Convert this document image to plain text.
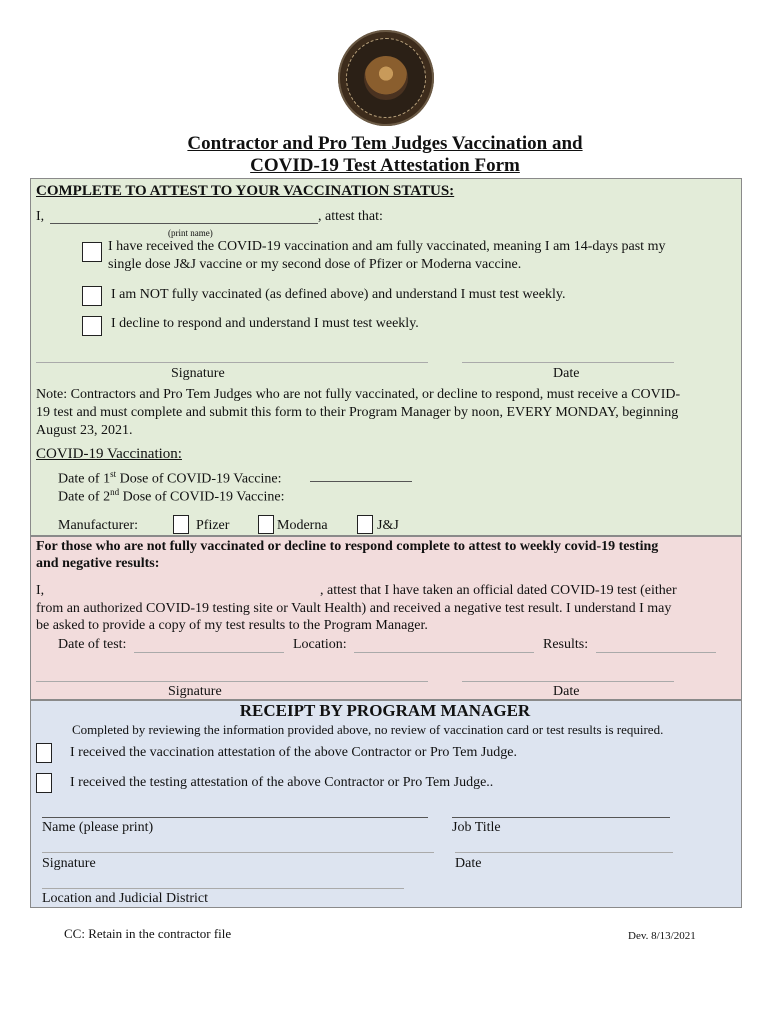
Contractor and Pro Tem Judges Vaccination and
COVID-19 Test Attestation Form
COMPLETE TO ATTEST TO YOUR VACCINATION STATUS:
I,	, attest that:
(print name)
I have received the COVID-19 vaccination and am fully vaccinated, meaning I am 14-days past my
single dose J&J vaccine or my second dose of Pfizer or Moderna vaccine.
I am NOT fully vaccinated (as defined above) and understand I must test weekly.
I decline to respond and understand I must test weekly.
Signature	Date
Note: Contractors and Pro Tem Judges who are not fully vaccinated, or decline to respond, must receive a COVID-
19 test and must complete and submit this form to their Program Manager by noon, EVERY MONDAY, beginning
August 23, 2021.
COVID-19 Vaccination:
Date of 1st Dose of COVID-19 Vaccine:
Date of 2nd Dose of COVID-19 Vaccine:
Manufacturer:	Pfizer	Moderna	J&J
For those who are not fully vaccinated or decline to respond complete to attest to weekly covid-19 testing
and negative results:
I,	, attest that I have taken an official dated COVID-19 test (either
from an authorized COVID-19 testing site or Vault Health) and received a negative test result. I understand I may
be asked to provide a copy of my test results to the Program Manager.
Date of test:	Location:	Results:
Signature	Date
RECEIPT BY PROGRAM MANAGER
Completed by reviewing the information provided above, no review of vaccination card or test results is required.
I received the vaccination attestation of the above Contractor or Pro Tem Judge.
I received the testing attestation of the above Contractor or Pro Tem Judge..
Name (please print)	Job Title
Signature	Date
Location and Judicial District
CC: Retain in the contractor file	Dev. 8/13/2021
